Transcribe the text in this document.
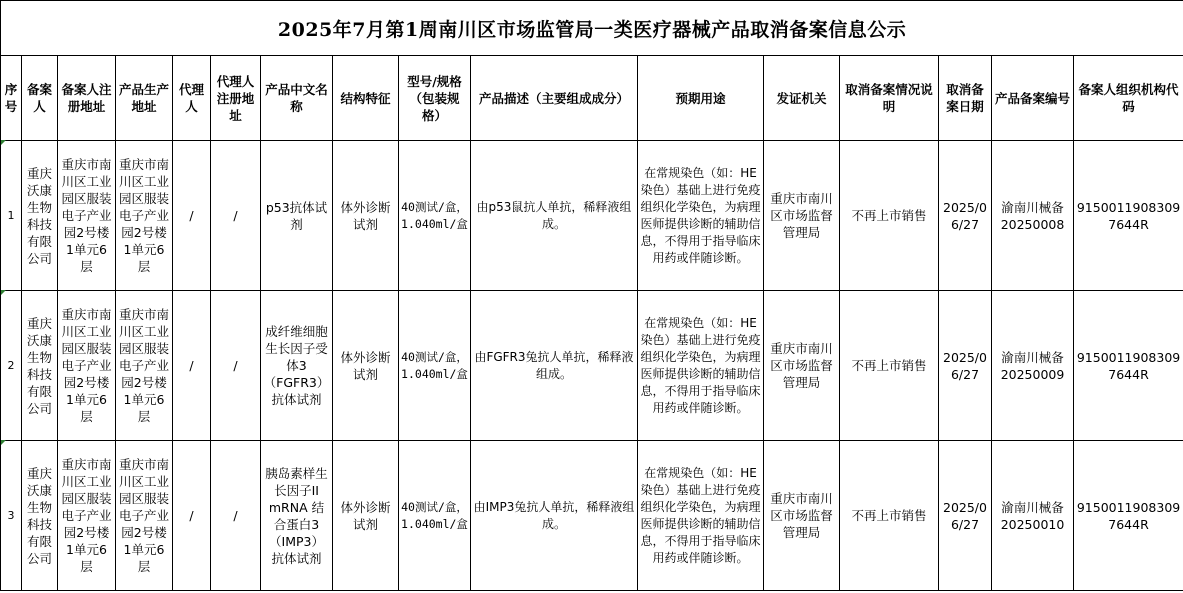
2025年7月第1周南川区市场监管局一类医疗器械产品取消备案信息公示															
序号	备案人	备案人注册地址	产品生产地址	代理人	代理人注册地址	产品中文名称	结构特征	型号/规格（包装规格）	产品描述（主要组成成分）	预期用途	发证机关	取消备案情况说明	取消备案日期	产品备案编号	备案人组织机构代码
1	重庆沃康生物科技有限公司	重庆市南川区工业园区服装电子产业园2号楼1单元6层	重庆市南川区工业园区服装电子产业园2号楼1单元6层	/	/	p53抗体试剂	体外诊断试剂	40测试/盒，1.040ml/盒	由p53鼠抗人单抗，稀释液组成。	在常规染色（如：HE染色）基础上进行免疫组织化学染色，为病理医师提供诊断的辅助信息，不得用于指导临床用药或伴随诊断。	重庆市南川区市场监督管理局	不再上市销售	2025/06/27	渝南川械备20250008	91500119083097644R
2	重庆沃康生物科技有限公司	重庆市南川区工业园区服装电子产业园2号楼1单元6层	重庆市南川区工业园区服装电子产业园2号楼1单元6层	/	/	成纤维细胞生长因子受体3（FGFR3）抗体试剂	体外诊断试剂	40测试/盒，1.040ml/盒	由FGFR3兔抗人单抗，稀释液组成。	在常规染色（如：HE染色）基础上进行免疫组织化学染色，为病理医师提供诊断的辅助信息，不得用于指导临床用药或伴随诊断。	重庆市南川区市场监督管理局	不再上市销售	2025/06/27	渝南川械备20250009	91500119083097644R
3	重庆沃康生物科技有限公司	重庆市南川区工业园区服装电子产业园2号楼1单元6层	重庆市南川区工业园区服装电子产业园2号楼1单元6层	/	/	胰岛素样生长因子II mRNA 结合蛋白3（IMP3）抗体试剂	体外诊断试剂	40测试/盒，1.040ml/盒	由IMP3兔抗人单抗，稀释液组成。	在常规染色（如：HE染色）基础上进行免疫组织化学染色，为病理医师提供诊断的辅助信息，不得用于指导临床用药或伴随诊断。	重庆市南川区市场监督管理局	不再上市销售	2025/06/27	渝南川械备20250010	91500119083097644R
